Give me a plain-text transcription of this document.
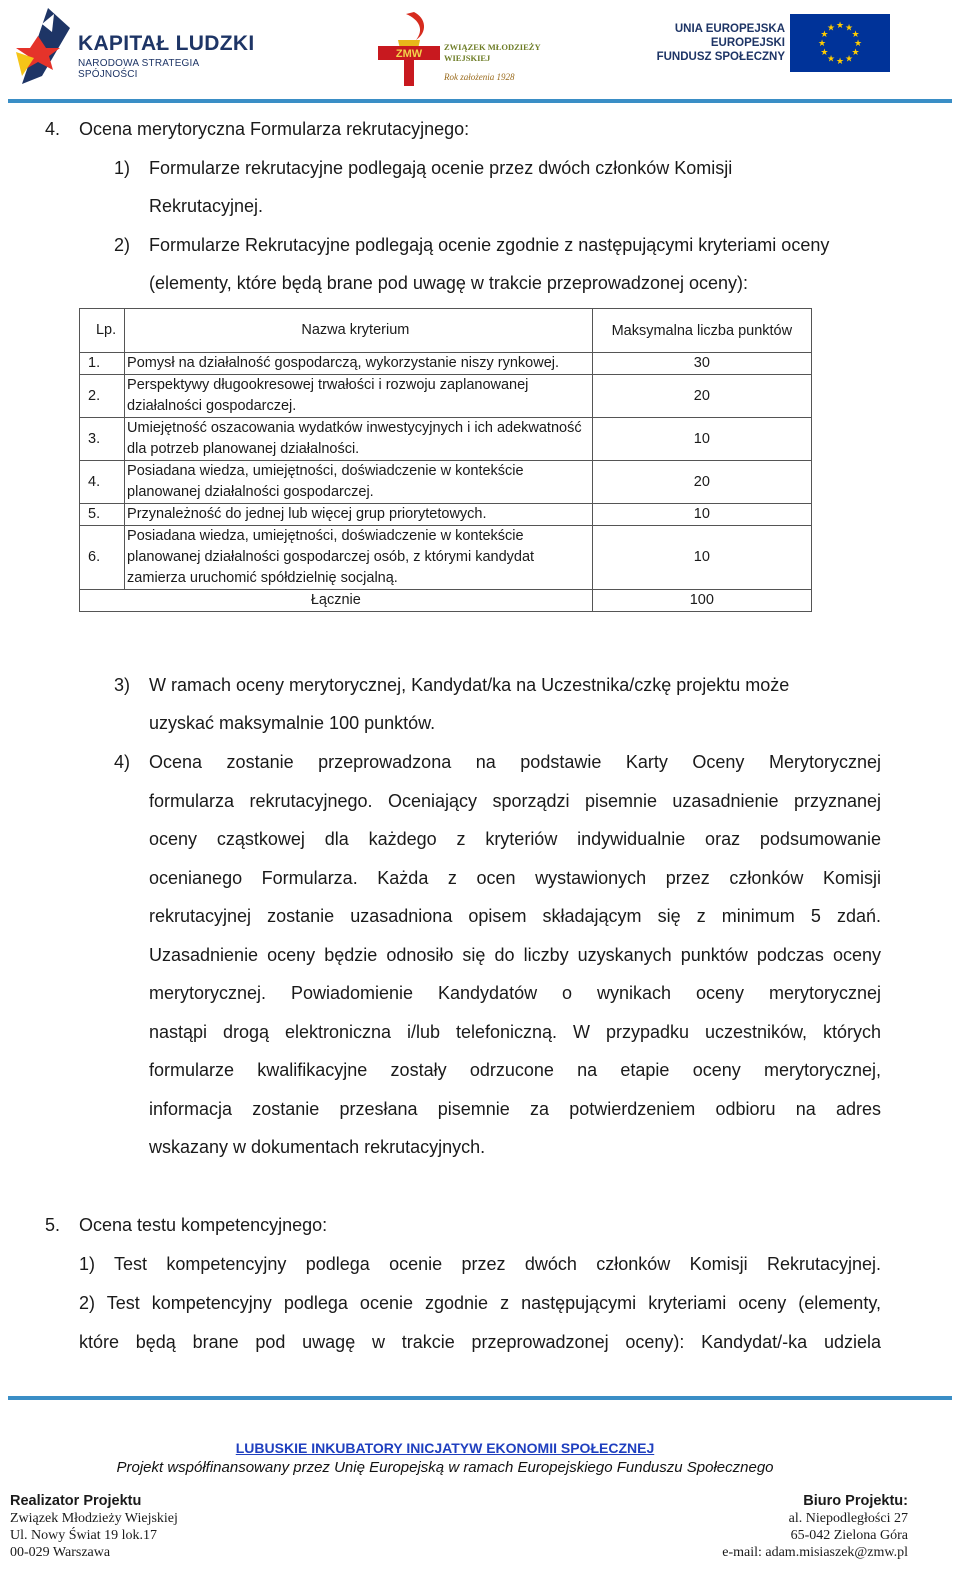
KAPITAŁ LUDZKI
NARODOWA STRATEGIA SPÓJNOŚCI
ZMW
ZWIĄZEK MŁODZIEŻY
WIEJSKIEJ
Rok założenia 1928
UNIA EUROPEJSKA
EUROPEJSKI
FUNDUSZ SPOŁECZNY
★
★
★
★
★
★
★
★
★ ★ ★
★
4. Ocena merytoryczna Formularza rekrutacyjnego:
1) Formularze rekrutacyjne podlegają ocenie przez dwóch członków Komisji
Rekrutacyjnej.
2) Formularze Rekrutacyjne podlegają ocenie zgodnie z następującymi kryteriami oceny
(elementy, które będą brane pod uwagę w trakcie przeprowadzonej oceny):
Lp.	Nazwa kryterium	Maksymalna liczba punktów
1.	Pomysł na działalność gospodarczą, wykorzystanie niszy rynkowej.	30
2.	Perspektywy długookresowej trwałości i rozwoju zaplanowanej działalności gospodarczej.	20
3.	Umiejętność oszacowania wydatków inwestycyjnych i ich adekwatność dla potrzeb planowanej działalności.	10
4.	Posiadana wiedza, umiejętności, doświadczenie w kontekście planowanej działalności gospodarczej.	20
5.	Przynależność do jednej lub więcej grup priorytetowych.	10
6.	Posiadana wiedza, umiejętności, doświadczenie w kontekście planowanej działalności gospodarczej osób, z którymi kandydat zamierza uruchomić spółdzielnię socjalną.	10
Łącznie		100
3) W ramach oceny merytorycznej, Kandydat/ka na Uczestnika/czkę projektu może
uzyskać maksymalnie 100 punktów.
4) Ocena zostanie przeprowadzona na podstawie Karty Oceny Merytorycznej
formularza rekrutacyjnego. Oceniający sporządzi pisemnie uzasadnienie przyznanej
oceny cząstkowej dla każdego z kryteriów indywidualnie oraz podsumowanie
ocenianego Formularza. Każda z ocen wystawionych przez członków Komisji
rekrutacyjnej zostanie uzasadniona opisem składającym się z minimum 5 zdań.
Uzasadnienie oceny będzie odnosiło się do liczby uzyskanych punktów podczas oceny
merytorycznej. Powiadomienie Kandydatów o wynikach oceny merytorycznej
nastąpi drogą elektroniczna i/lub telefoniczną. W przypadku uczestników, których
formularze kwalifikacyjne zostały odrzucone na etapie oceny merytorycznej,
informacja zostanie przesłana pisemnie za potwierdzeniem odbioru na adres
wskazany w dokumentach rekrutacyjnych.
5. Ocena testu kompetencyjnego:
1) Test kompetencyjny podlega ocenie przez dwóch członków Komisji Rekrutacyjnej.
2) Test kompetencyjny podlega ocenie zgodnie z następującymi kryteriami oceny (elementy,
które będą brane pod uwagę w trakcie przeprowadzonej oceny): Kandydat/-ka udziela
LUBUSKIE INKUBATORY INICJATYW EKONOMII SPOŁECZNEJ
Projekt współfinansowany przez Unię Europejską w ramach Europejskiego Funduszu Społecznego
Realizator Projektu
Związek Młodzieży Wiejskiej
Ul. Nowy Świat 19 lok.17
00-029 Warszawa
Biuro Projektu:
al. Niepodległości 27
65-042 Zielona Góra
e-mail: adam.misiaszek@zmw.pl
